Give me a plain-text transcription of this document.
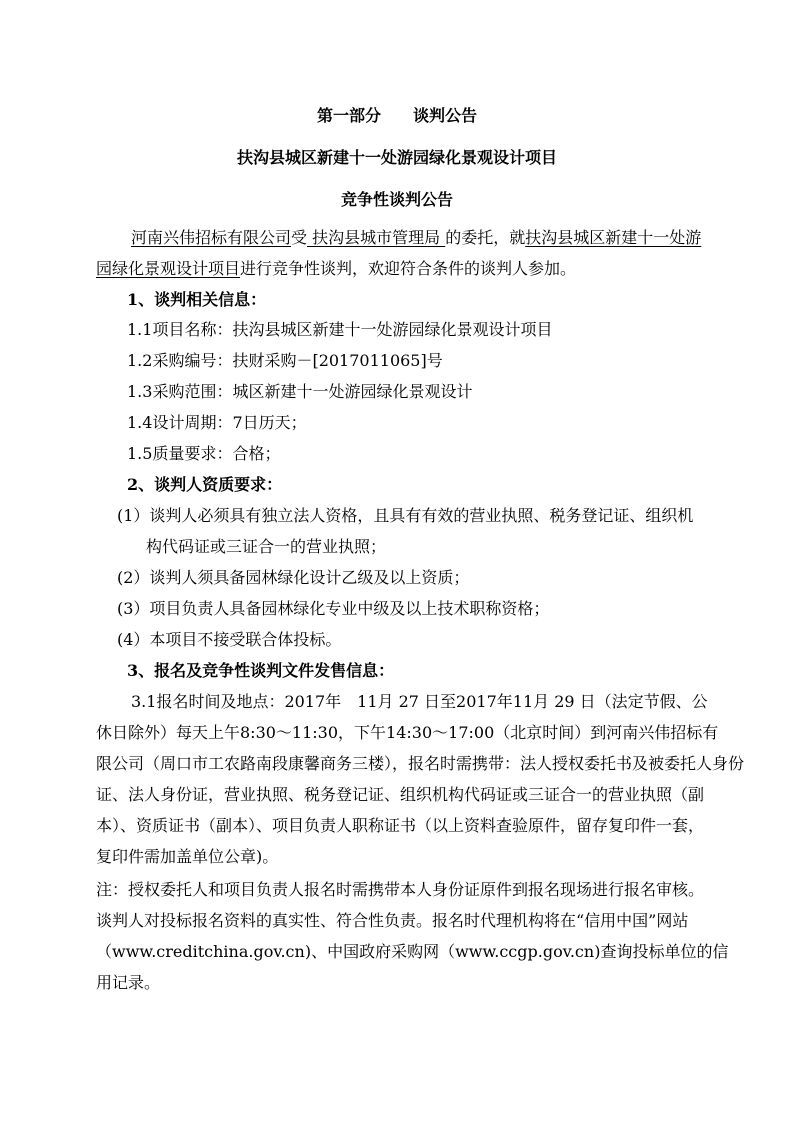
第一部分 谈判公告
扶沟县城区新建十一处游园绿化景观设计项目
竞争性谈判公告
河南兴伟招标有限公司受 扶沟县城市管理局 的委托，就扶沟县城区新建十一处游
园绿化景观设计项目进行竞争性谈判，欢迎符合条件的谈判人参加。
1、谈判相关信息：
1.1项目名称：扶沟县城区新建十一处游园绿化景观设计项目
1.2采购编号：扶财采购－[2017011065]号
1.3采购范围：城区新建十一处游园绿化景观设计
1.4设计周期：7日历天；
1.5质量要求：合格；
2、谈判人资质要求：
(1）谈判人必须具有独立法人资格，且具有有效的营业执照、税务登记证、组织机
构代码证或三证合一的营业执照；
(2）谈判人须具备园林绿化设计乙级及以上资质；
(3）项目负责人具备园林绿化专业中级及以上技术职称资格；
(4）本项目不接受联合体投标。
3、报名及竞争性谈判文件发售信息：
3.1报名时间及地点：2017年　11月 27 日至2017年11月 29 日（法定节假、公
休日除外）每天上午8:30～11:30，下午14:30～17:00（北京时间）到河南兴伟招标有
限公司（周口市工农路南段康馨商务三楼），报名时需携带：法人授权委托书及被委托人身份
证、法人身份证，营业执照、税务登记证、组织机构代码证或三证合一的营业执照（副
本）、资质证书（副本）、项目负责人职称证书（以上资料查验原件，留存复印件一套，
复印件需加盖单位公章)。
注：授权委托人和项目负责人报名时需携带本人身份证原件到报名现场进行报名审核。
谈判人对投标报名资料的真实性、符合性负责。报名时代理机构将在“信用中国”网站
（www.creditchina.gov.cn)、中国政府采购网（www.ccgp.gov.cn)查询投标单位的信
用记录。
